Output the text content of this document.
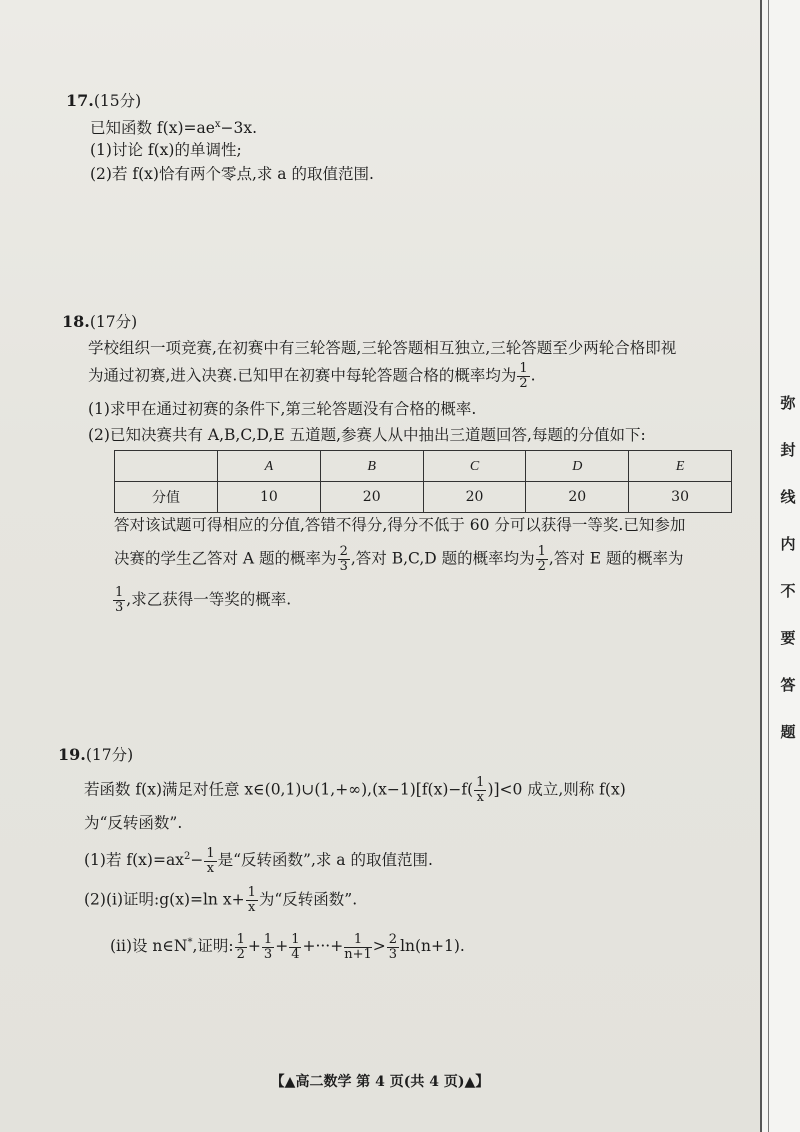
弥
封
线
内
不
要
答
题
17.(15分)
已知函数 $f(x)=ae^x-3x$.
(1)讨论 f(x)的单调性;
(2)若 f(x)恰有两个零点,求 a 的取值范围.
18.(17分)
学校组织一项竞赛,在初赛中有三轮答题,三轮答题相互独立,三轮答题至少两轮合格即视
为通过初赛,进入决赛.已知甲在初赛中每轮答题合格的概率均为 $\frac{1}{2}$ .
(1)求甲在通过初赛的条件下,第三轮答题没有合格的概率.
(2)已知决赛共有 A,B,C,D,E 五道题,参赛人从中抽出三道题回答,每题的分值如下:
	A	B	C	D	E
分值	10	20	20	20	30
答对该试题可得相应的分值,答错不得分,得分不低于 60 分可以获得一等奖.已知参加
决赛的学生乙答对 A 题的概率为 $\frac{2}{3}$ ,答对 B,C,D 题的概率均为 $\frac{1}{2}$ ,答对 E 题的概率为
$\frac{1}{3}$ ,求乙获得一等奖的概率.
19.(17分)
若函数 f(x)满足对任意 x∈(0,1)∪(1,+∞),(x−1)[f(x)−f( $\frac{1}{x} )]<0$ 成立,则称 f(x)
为“反转函数”.
(1)若 $f(x)=ax^2- \frac{1}{x}$ 是“反转函数”,求 a 的取值范围.
(2)(i)证明:g(x)=ln $x+ \frac{1}{x}$ 为“反转函数”.
(ii)设 n∈N*,证明: $\frac{1}{2} + \frac{1}{3} + \frac{1}{4}$ +···+ $\frac{1}{n+1} > \frac{2}{3} \ln(n+1)$.
【▲高二数学 第 4 页(共 4 页)▲】
